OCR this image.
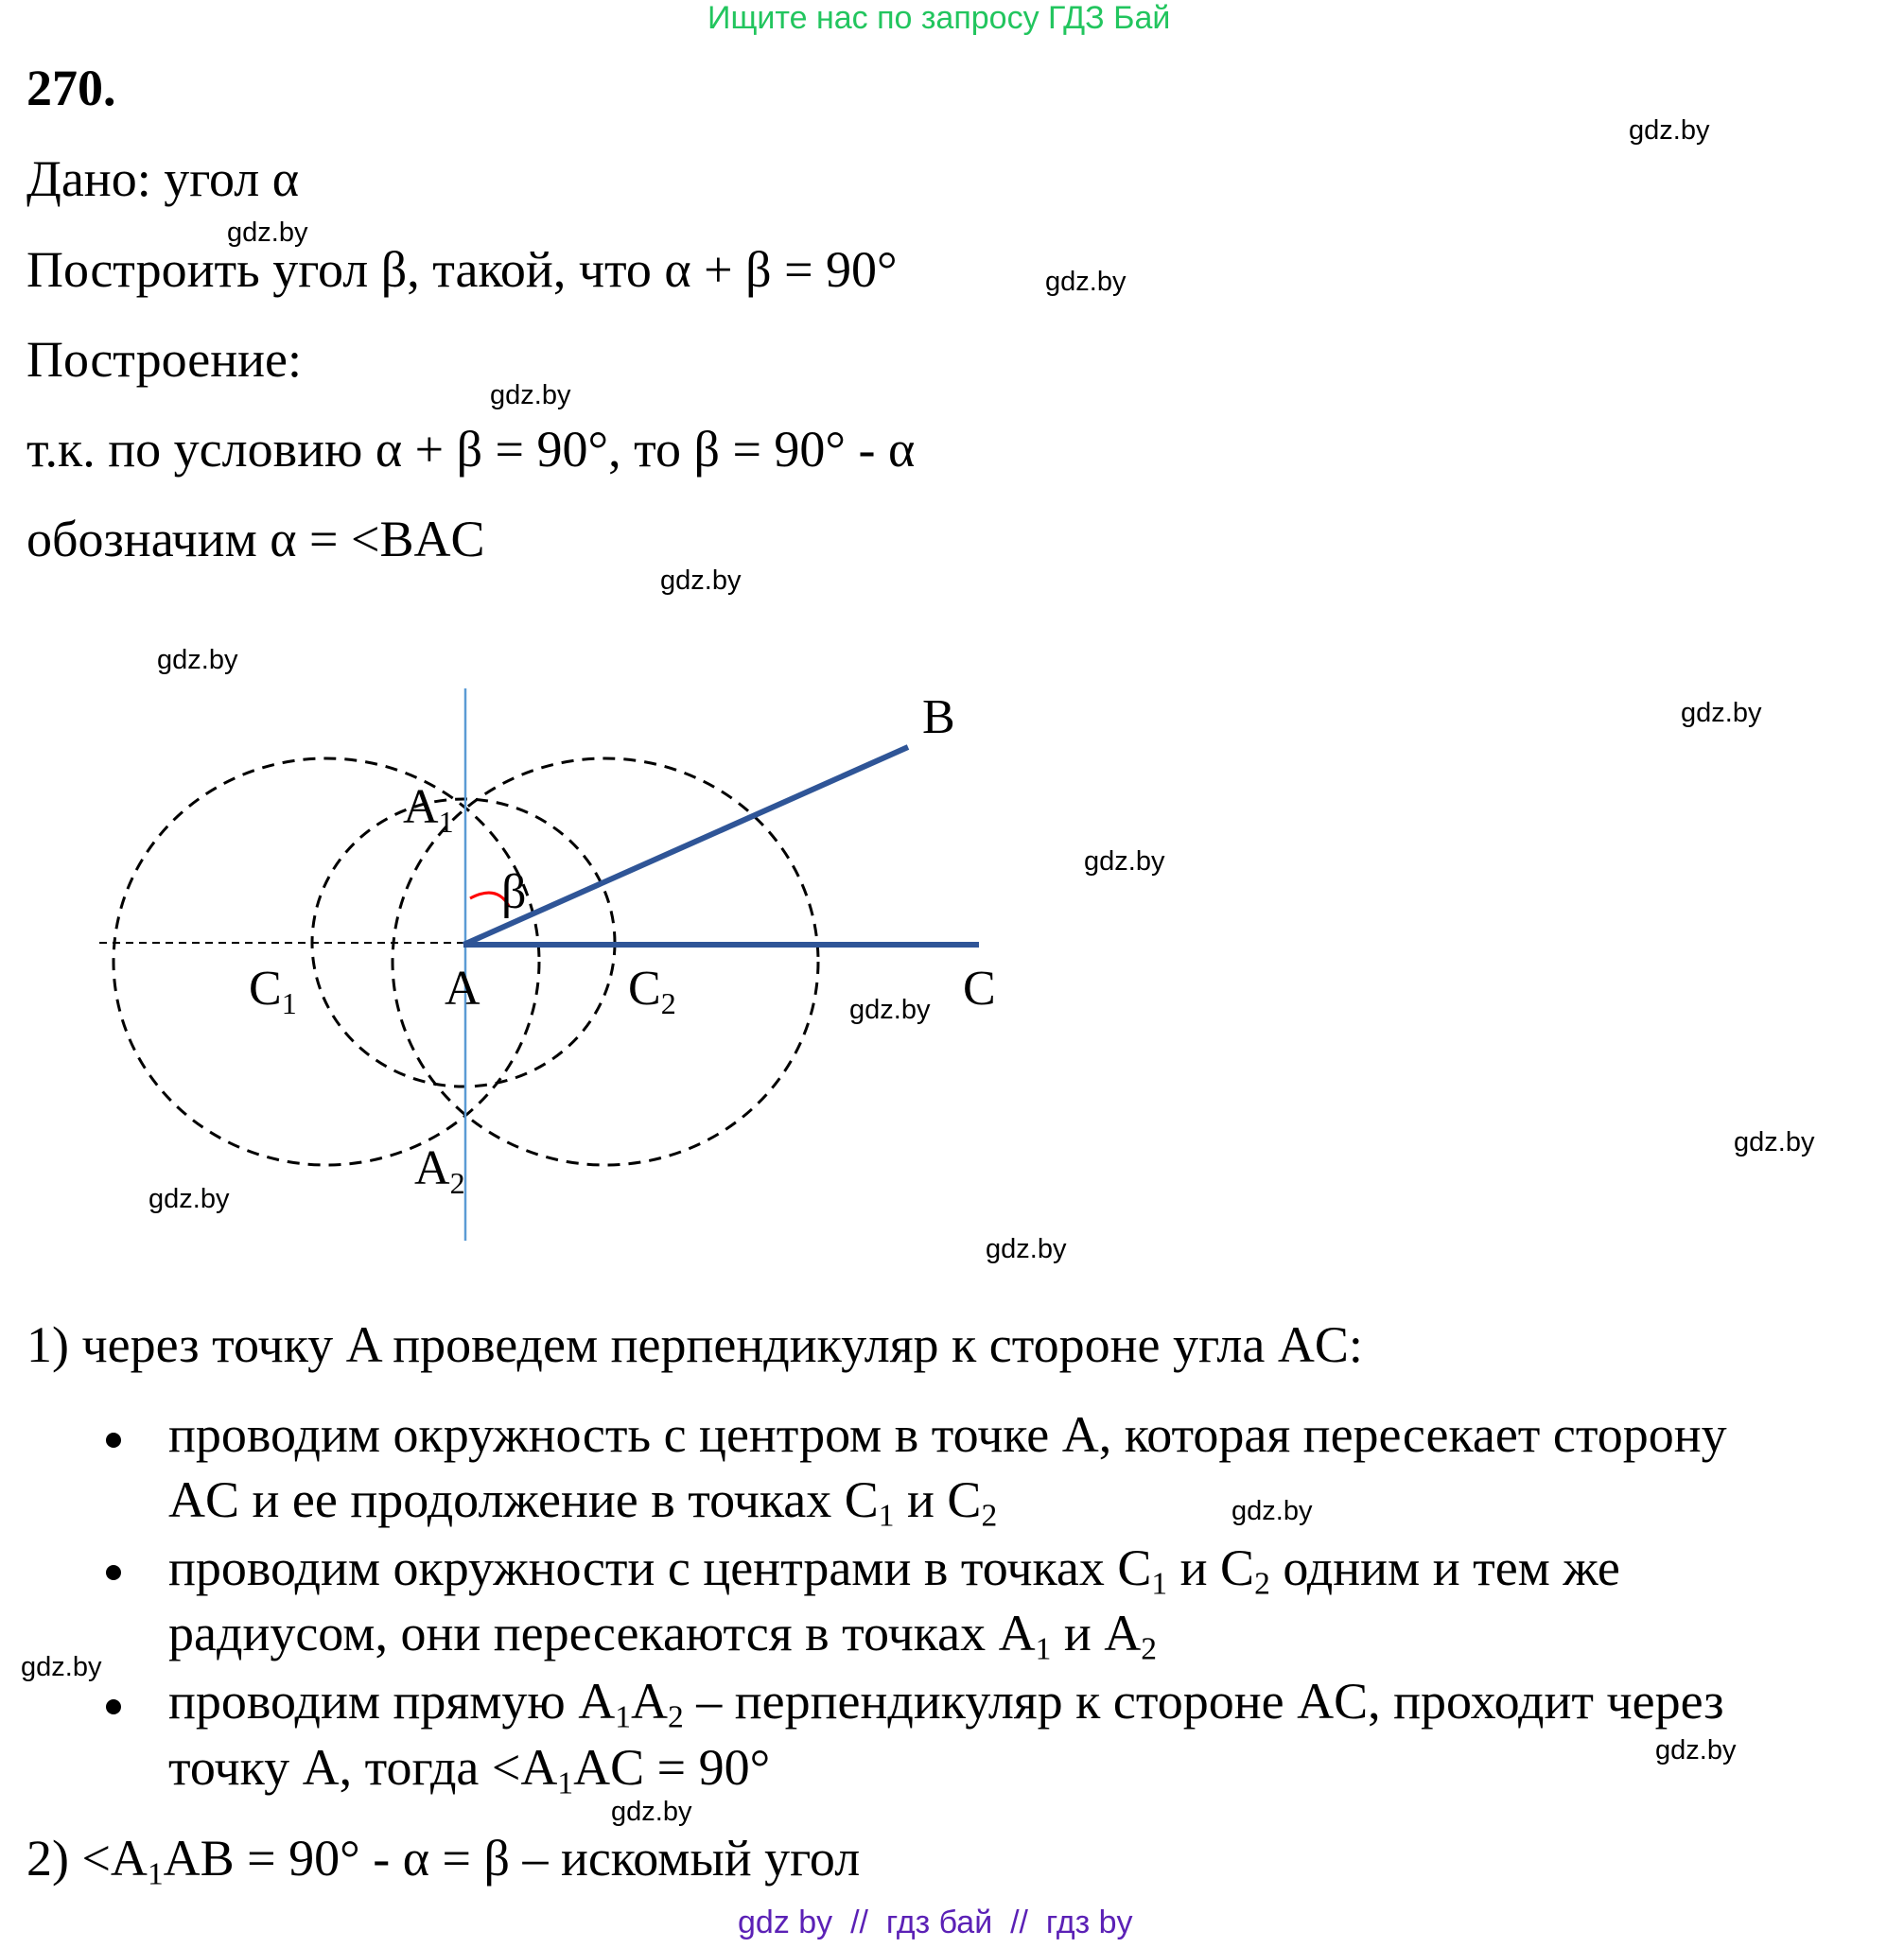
Ищите нас по запросу ГДЗ Бай
270.
Дано: угол α
Построить угол β, такой, что α + β = 90°
Построение:
т.к. по условию α + β = 90°, то β = 90° - α
обозначим α = <BAC
B
C
A
β
A1
A2
C1	C2
1) через точку A проведем перпендикуляр к стороне угла AC:
проводим окружность с центром в точке A, которая пересекает сторону
AC и ее продолжение в точках $C_1$ и $C_2$
проводим окружности с центрами в точках $C_1$ и $C_2$ одним и тем же
радиусом, они пересекаются в точках $A_1$ и $A_2$
проводим прямую $A_1A_2$ – перпендикуляр к стороне AC, проходит через
точку A, тогда $<A_1AC = 90^\circ$
$2) <A_1AB = 90^\circ - \alpha = \beta$ – искомый угол
gdz.by
gdz.by
gdz.by
gdz.by
gdz.by
gdz.by
gdz.by
gdz.by
gdz.by
gdz.by
gdz.by
gdz.by
gdz.by
gdz.by
gdz.by
gdz.by
gdz by  //  гдз бай  //  гдз by
